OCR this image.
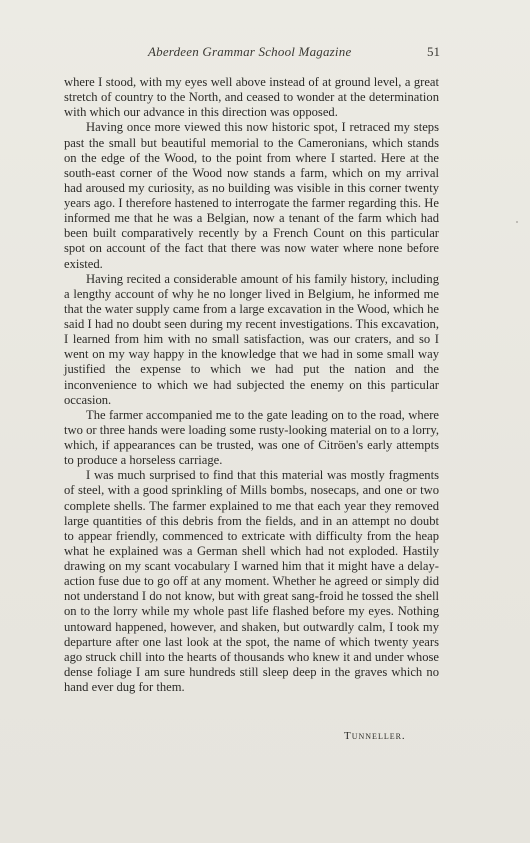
Aberdeen Grammar School Magazine	51

where I stood, with my eyes well above instead of at ground level, a great stretch of country to the North, and ceased to wonder at the determination with which our advance in this direction was opposed.

Having once more viewed this now historic spot, I retraced my steps past the small but beautiful memorial to the Cameronians, which stands on the edge of the Wood, to the point from where I started. Here at the south-east corner of the Wood now stands a farm, which on my arrival had aroused my curiosity, as no building was visible in this corner twenty years ago. I therefore hastened to interrogate the farmer regarding this. He informed me that he was a Belgian, now a tenant of the farm which had been built comparatively recently by a French Count on this particular spot on account of the fact that there was now water where none before existed.

Having recited a considerable amount of his family history, including a lengthy account of why he no longer lived in Belgium, he informed me that the water supply came from a large excavation in the Wood, which he said I had no doubt seen during my recent investigations. This excavation, I learned from him with no small satisfaction, was our craters, and so I went on my way happy in the knowledge that we had in some small way justified the expense to which we had put the nation and the inconvenience to which we had subjected the enemy on this particular occasion.

The farmer accompanied me to the gate leading on to the road, where two or three hands were loading some rusty-looking material on to a lorry, which, if appearances can be trusted, was one of Citröen's early attempts to produce a horseless carriage.

I was much surprised to find that this material was mostly fragments of steel, with a good sprinkling of Mills bombs, nosecaps, and one or two complete shells. The farmer explained to me that each year they removed large quantities of this debris from the fields, and in an attempt no doubt to appear friendly, commenced to extricate with difficulty from the heap what he explained was a German shell which had not exploded. Hastily drawing on my scant vocabulary I warned him that it might have a delay-action fuse due to go off at any moment. Whether he agreed or simply did not understand I do not know, but with great sang-froid he tossed the shell on to the lorry while my whole past life flashed before my eyes. Nothing untoward happened, however, and shaken, but outwardly calm, I took my departure after one last look at the spot, the name of which twenty years ago struck chill into the hearts of thousands who knew it and under whose dense foliage I am sure hundreds still sleep deep in the graves which no hand ever dug for them.

Tunneller.
